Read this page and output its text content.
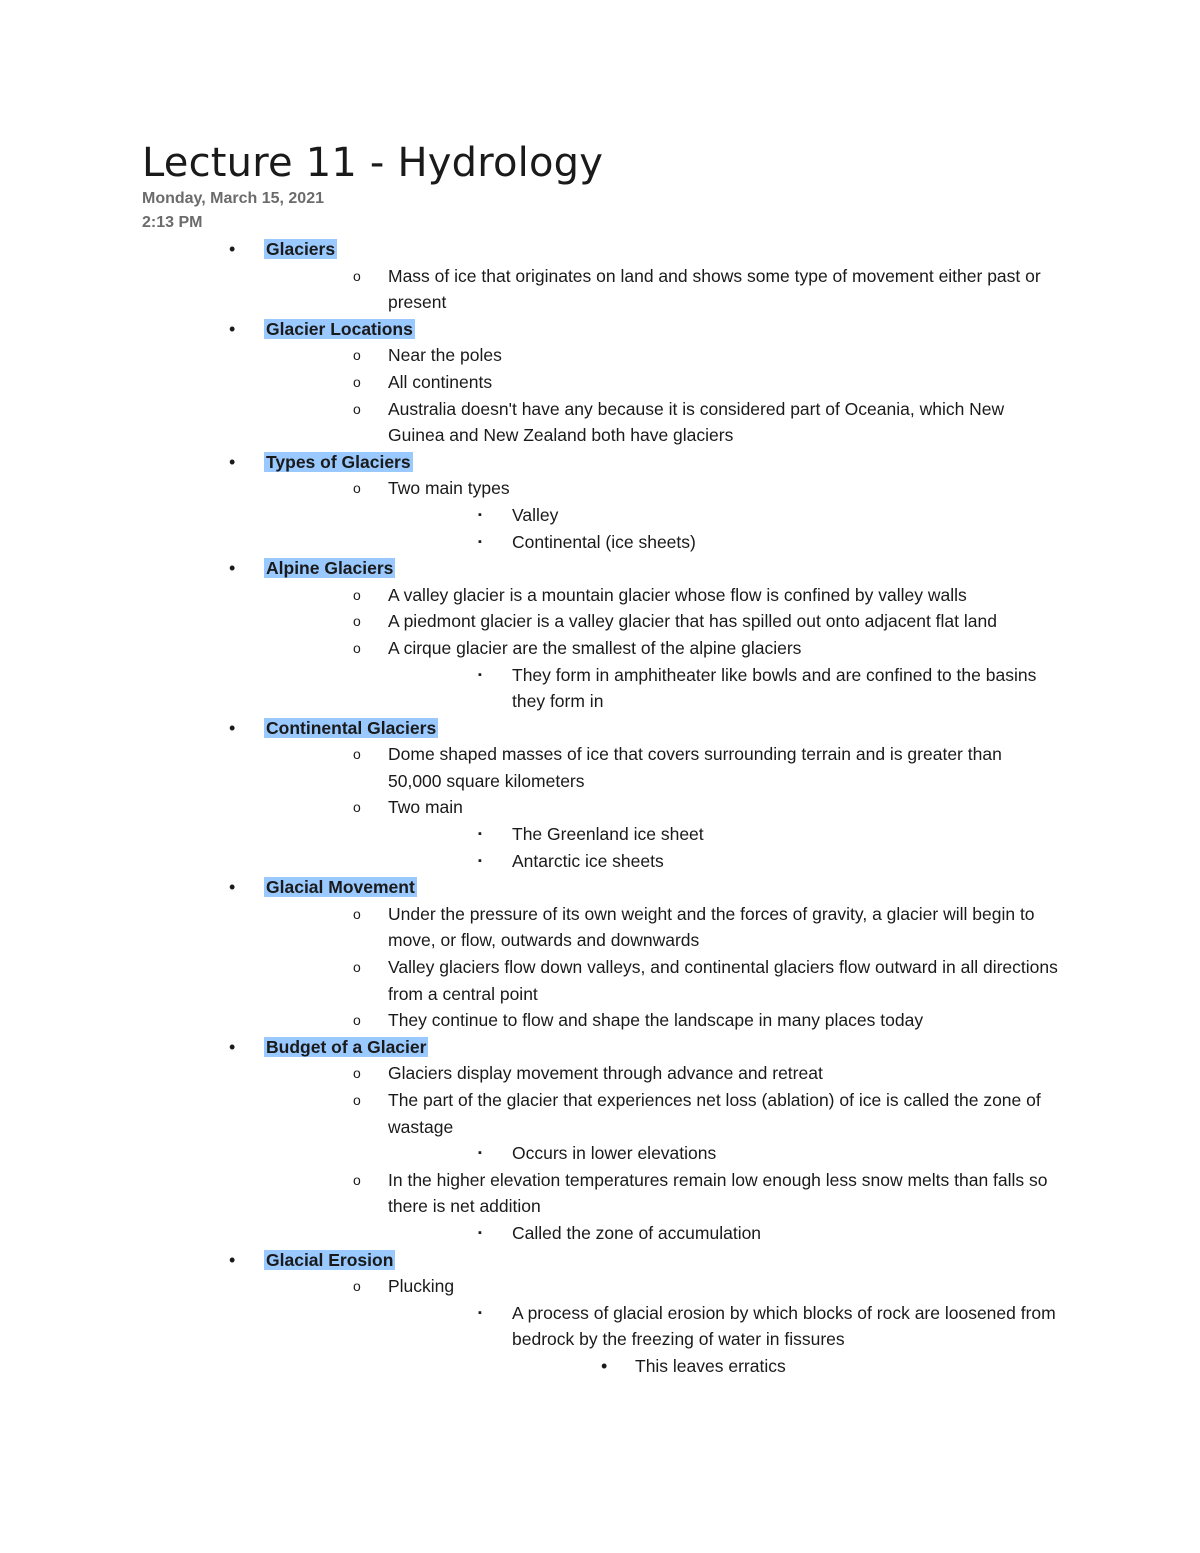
Lecture 11 - Hydrology
Monday, March 15, 2021
2:13 PM
• Glaciers
o Mass of ice that originates on land and shows some type of movement either past or present
• Glacier Locations
o Near the poles
o All continents
o Australia doesn't have any because it is considered part of Oceania, which New Guinea and New Zealand both have glaciers
• Types of Glaciers
o Two main types
▪ Valley
▪ Continental (ice sheets)
• Alpine Glaciers
o A valley glacier is a mountain glacier whose flow is confined by valley walls
o A piedmont glacier is a valley glacier that has spilled out onto adjacent flat land
o A cirque glacier are the smallest of the alpine glaciers
▪ They form in amphitheater like bowls and are confined to the basins they form in
• Continental Glaciers
o Dome shaped masses of ice that covers surrounding terrain and is greater than 50,000 square kilometers
o Two main
▪ The Greenland ice sheet
▪ Antarctic ice sheets
• Glacial Movement
o Under the pressure of its own weight and the forces of gravity, a glacier will begin to move, or flow, outwards and downwards
o Valley glaciers flow down valleys, and continental glaciers flow outward in all directions from a central point
o They continue to flow and shape the landscape in many places today
• Budget of a Glacier
o Glaciers display movement through advance and retreat
o The part of the glacier that experiences net loss (ablation) of ice is called the zone of wastage
▪ Occurs in lower elevations
o In the higher elevation temperatures remain low enough less snow melts than falls so there is net addition
▪ Called the zone of accumulation
• Glacial Erosion
o Plucking
▪ A process of glacial erosion by which blocks of rock are loosened from bedrock by the freezing of water in fissures
• This leaves erratics
